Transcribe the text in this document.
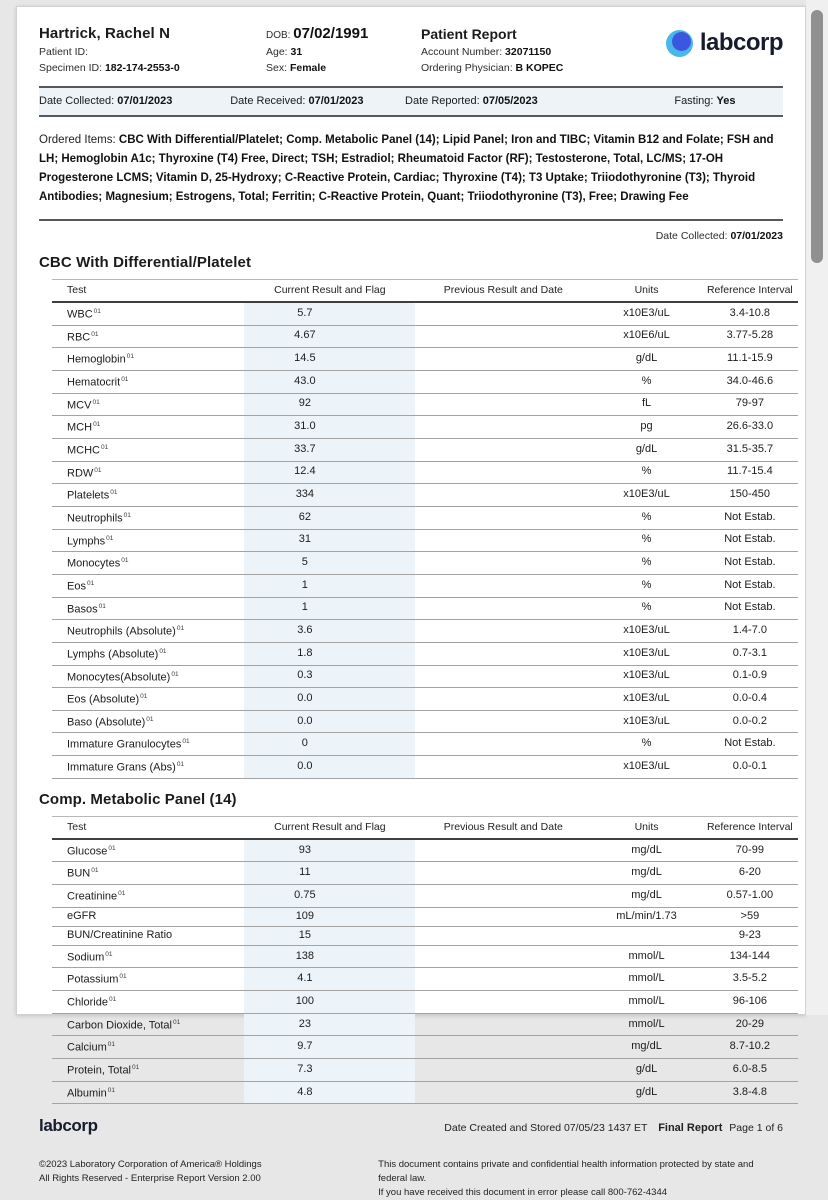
Hartrick, Rachel N
Patient ID:
Specimen ID: 182-174-2553-0
DOB: 07/02/1991
Age: 31
Sex: Female
Patient Report
Account Number: 32071150
Ordering Physician: B KOPEC
labcorp
Date Collected: 07/01/2023	Date Received: 07/01/2023	Date Reported: 07/05/2023	Fasting: Yes
Ordered Items: CBC With Differential/Platelet; Comp. Metabolic Panel (14); Lipid Panel; Iron and TIBC; Vitamin B12 and Folate; FSH and LH; Hemoglobin A1c; Thyroxine (T4) Free, Direct; TSH; Estradiol; Rheumatoid Factor (RF); Testosterone, Total, LC/MS; 17-OH Progesterone LCMS; Vitamin D, 25-Hydroxy; C-Reactive Protein, Cardiac; Thyroxine (T4); T3 Uptake; Triiodothyronine (T3); Thyroid Antibodies; Magnesium; Estrogens, Total; Ferritin; C-Reactive Protein, Quant; Triiodothyronine (T3), Free; Drawing Fee
Date Collected: 07/01/2023
CBC With Differential/Platelet
Test	Current Result and Flag	Previous Result and Date	Units	Reference Interval
WBC$^{01}$	5.7		x10E3/uL	3.4-10.8
RBC$^{01}$	4.67		x10E6/uL	3.77-5.28
Hemoglobin$^{01}$	14.5		g/dL	11.1-15.9
Hematocrit$^{01}$	43.0		%	34.0-46.6
MCV$^{01}$	92		fL	79-97
MCH$^{01}$	31.0		pg	26.6-33.0
MCHC$^{01}$	33.7		g/dL	31.5-35.7
RDW$^{01}$	12.4		%	11.7-15.4
Platelets$^{01}$	334		x10E3/uL	150-450
Neutrophils$^{01}$	62		%	Not Estab.
Lymphs$^{01}$	31		%	Not Estab.
Monocytes$^{01}$	5		%	Not Estab.
Eos$^{01}$	1		%	Not Estab.
Basos$^{01}$	1		%	Not Estab.
Neutrophils (Absolute)$^{01}$	3.6		x10E3/uL	1.4-7.0
Lymphs (Absolute)$^{01}$	1.8		x10E3/uL	0.7-3.1
Monocytes(Absolute)$^{01}$	0.3		x10E3/uL	0.1-0.9
Eos (Absolute)$^{01}$	0.0		x10E3/uL	0.0-0.4
Baso (Absolute)$^{01}$	0.0		x10E3/uL	0.0-0.2
Immature Granulocytes$^{01}$	0		%	Not Estab.
Immature Grans (Abs)$^{01}$	0.0		x10E3/uL	0.0-0.1
Comp. Metabolic Panel (14)
Test	Current Result and Flag	Previous Result and Date	Units	Reference Interval
Glucose$^{01}$	93		mg/dL	70-99
BUN$^{01}$	11		mg/dL	6-20
Creatinine$^{01}$	0.75		mg/dL	0.57-1.00
eGFR	109		mL/min/1.73	>59
BUN/Creatinine Ratio	15			9-23
Sodium$^{01}$	138		mmol/L	134-144
Potassium$^{01}$	4.1		mmol/L	3.5-5.2
Chloride$^{01}$	100		mmol/L	96-106
Carbon Dioxide, Total$^{01}$	23		mmol/L	20-29
Calcium$^{01}$	9.7		mg/dL	8.7-10.2
Protein, Total$^{01}$	7.3		g/dL	6.0-8.5
Albumin$^{01}$	4.8		g/dL	3.8-4.8
labcorp	Date Created and Stored 07/05/23 1437 ET Final Report Page 1 of 6
©2023 Laboratory Corporation of America® Holdings
All Rights Reserved - Enterprise Report Version 2.00
This document contains private and confidential health information protected by state and federal law.
If you have received this document in error please call 800-762-4344
